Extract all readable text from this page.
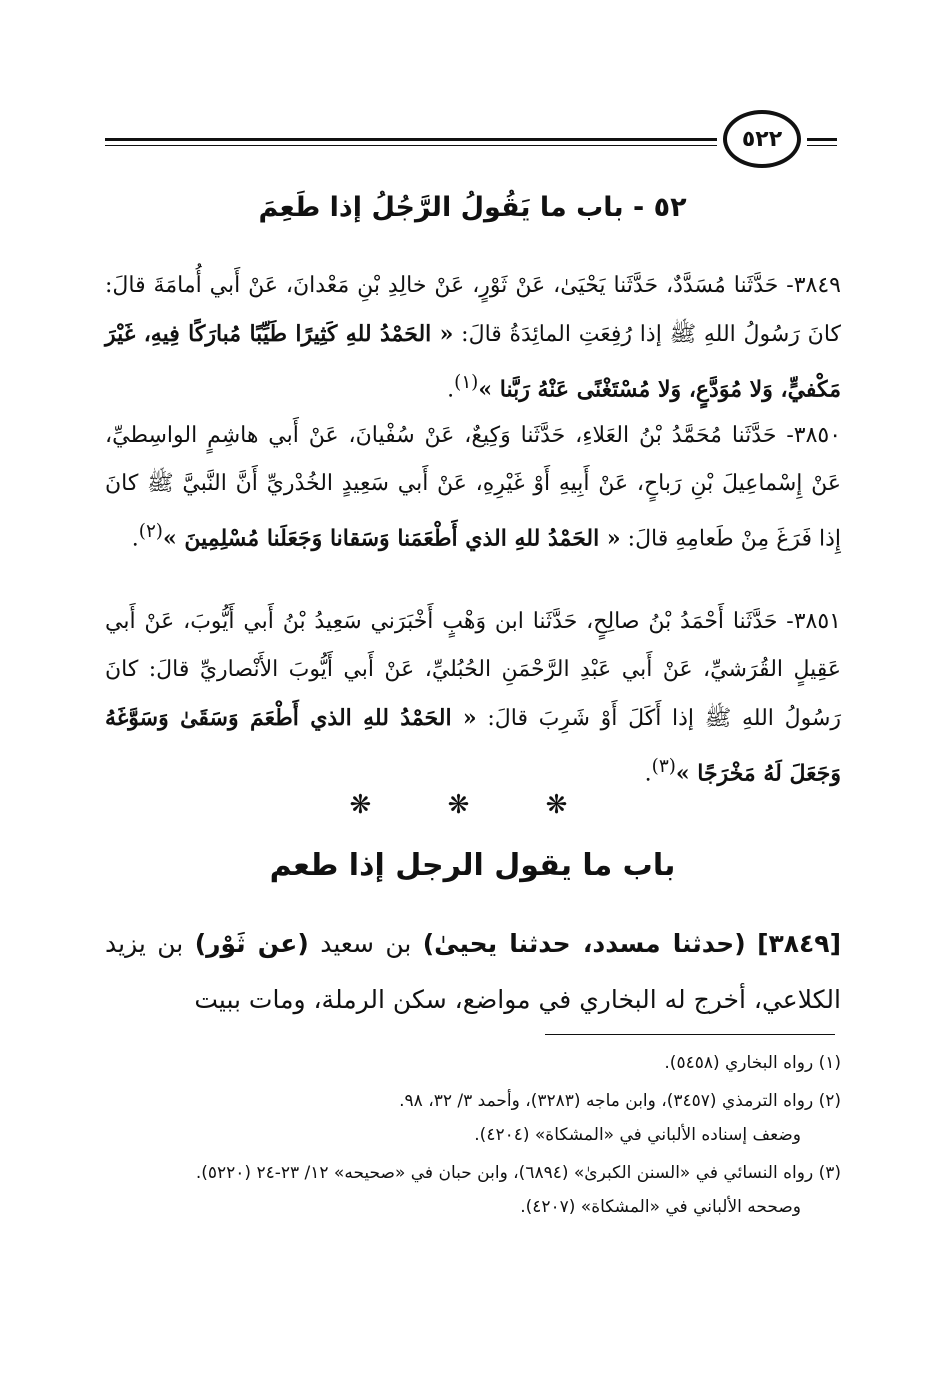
٥٢٢
٥٢ - باب ما يَقُولُ الرَّجُلُ إذا طَعِمَ
٣٨٤٩- حَدَّثَنا مُسَدَّدٌ، حَدَّثَنا يَحْيَىٰ، عَنْ ثَوْرٍ، عَنْ خالِدِ بْنِ مَعْدانَ، عَنْ أَبي أُمامَةَ قالَ: كانَ رَسُولُ اللهِ ﷺ إذا رُفِعَتِ المائِدَةُ قالَ: « الحَمْدُ للهِ كَثِيرًا طَيِّبًا مُبارَكًا فِيهِ، غَيْرَ مَكْفيٍّ، وَلا مُوَدَّعٍ، وَلا مُسْتَغْنًى عَنْهُ رَبَّنا »$^{(١)}$.
٣٨٥٠- حَدَّثَنا مُحَمَّدُ بْنُ العَلاءِ، حَدَّثَنا وَكِيعٌ، عَنْ سُفْيانَ، عَنْ أَبي هاشِمٍ الواسِطيِّ، عَنْ إِسْماعِيلَ بْنِ رَباحٍ، عَنْ أَبِيهِ أَوْ غَيْرِهِ، عَنْ أَبي سَعِيدٍ الخُدْريِّ أَنَّ النَّبيَّ ﷺ كانَ إِذا فَرَغَ مِنْ طَعامِهِ قالَ: « الحَمْدُ للهِ الذي أَطْعَمَنا وَسَقانا وَجَعَلَنا مُسْلِمِينَ »$^{(٢)}$.
٣٨٥١- حَدَّثَنا أَحْمَدُ بْنُ صالِحٍ، حَدَّثَنا ابن وَهْبٍ أَخْبَرَني سَعِيدُ بْنُ أَبي أَيُّوبَ، عَنْ أَبي عَقِيلٍ القُرَشيِّ، عَنْ أَبي عَبْدِ الرَّحْمَنِ الحُبُليِّ، عَنْ أَبي أَيُّوبَ الأَنْصاريِّ قالَ: كانَ رَسُولُ اللهِ ﷺ إذا أَكَلَ أَوْ شَرِبَ قالَ: « الحَمْدُ للهِ الذي أَطْعَمَ وَسَقَىٰ وَسَوَّغَهُ وَجَعَلَ لَهُ مَخْرَجًا »$^{(٣)}$.
❋ ❋ ❋
باب ما يقول الرجل إذا طعم
[٣٨٤٩] (حدثنا مسدد، حدثنا يحيىٰ) بن سعيد (عن ثَوْر) بن يزيد الكلاعي، أخرج له البخاري في مواضع، سكن الرملة، ومات ببيت
(١) رواه البخاري (٥٤٥٨).
(٢) رواه الترمذي (٣٤٥٧)، وابن ماجه (٣٢٨٣)، وأحمد ٣/ ٣٢، ٩٨.
وضعف إسناده الألباني في «المشكاة» (٤٢٠٤).
(٣) رواه النسائي في «السنن الكبرىٰ» (٦٨٩٤)، وابن حبان في «صحيحه» ١٢/ ٢٣-٢٤ (٥٢٢٠).
وصححه الألباني في «المشكاة» (٤٢٠٧).
